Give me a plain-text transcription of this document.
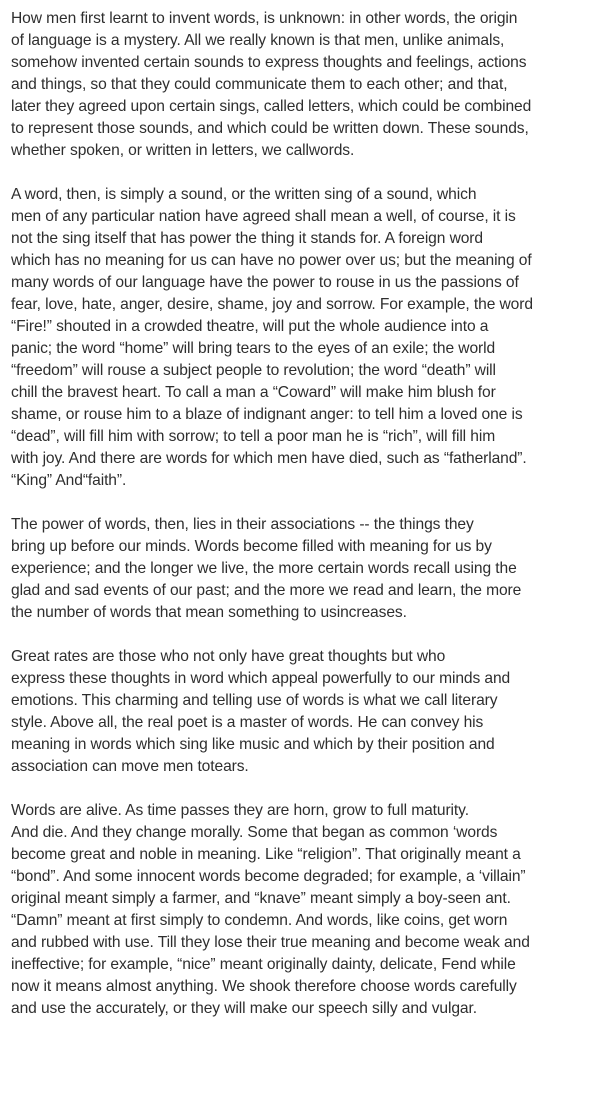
How men first learnt to invent words, is unknown: in other words, the origin
of language is a mystery. All we really known is that men, unlike animals,
somehow invented certain sounds to express thoughts and feelings, actions
and things, so that they could communicate them to each other; and that,
later they agreed upon certain sings, called letters, which could be combined
to represent those sounds, and which could be written down. These sounds,
whether spoken, or written in letters, we callwords.
A word, then, is simply a sound, or the written sing of a sound, which
men of any particular nation have agreed shall mean a well, of course, it is
not the sing itself that has power the thing it stands for. A foreign word
which has no meaning for us can have no power over us; but the meaning of
many words of our language have the power to rouse in us the passions of
fear, love, hate, anger, desire, shame, joy and sorrow. For example, the word
“Fire!” shouted in a crowded theatre, will put the whole audience into a
panic; the word “home” will bring tears to the eyes of an exile; the world
“freedom” will rouse a subject people to revolution; the word “death” will
chill the bravest heart. To call a man a “Coward” will make him blush for
shame, or rouse him to a blaze of indignant anger: to tell him a loved one is
“dead”, will fill him with sorrow; to tell a poor man he is “rich”, will fill him
with joy. And there are words for which men have died, such as “fatherland”.
“King” And“faith”.
The power of words, then, lies in their associations -- the things they
bring up before our minds. Words become filled with meaning for us by
experience; and the longer we live, the more certain words recall using the
glad and sad events of our past; and the more we read and learn, the more
the number of words that mean something to usincreases.
Great rates are those who not only have great thoughts but who
express these thoughts in word which appeal powerfully to our minds and
emotions. This charming and telling use of words is what we call literary
style. Above all, the real poet is a master of words. He can convey his
meaning in words which sing like music and which by their position and
association can move men totears.
Words are alive. As time passes they are horn, grow to full maturity.
And die. And they change morally. Some that began as common ‘words
become great and noble in meaning. Like “religion”. That originally meant a
“bond”. And some innocent words become degraded; for example, a ‘villain”
original meant simply a farmer, and “knave” meant simply a boy-seen ant.
“Damn” meant at first simply to condemn. And words, like coins, get worn
and rubbed with use. Till they lose their true meaning and become weak and
ineffective; for example, “nice” meant originally dainty, delicate, Fend while
now it means almost anything. We shook therefore choose words carefully
and use the accurately, or they will make our speech silly and vulgar.
